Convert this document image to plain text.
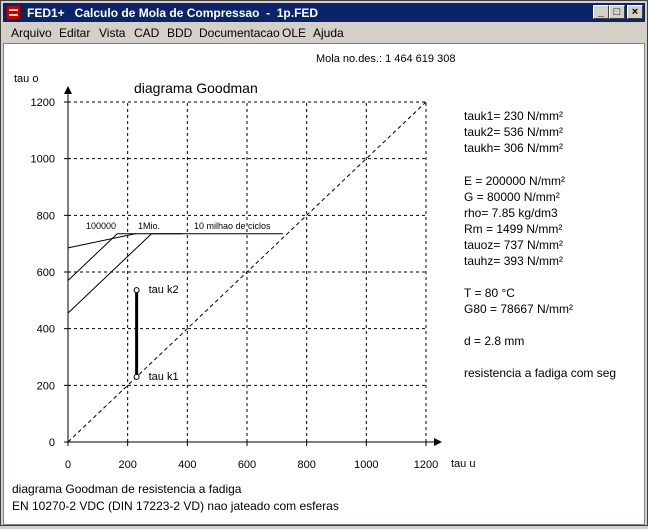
FED1+   Calculo de Mola de Compressao  -  1p.FED	_ □	×
Arquivo Editar Vista CAD BDD Documentacao OLE Ajuda
Mola no.des.: 1 464 619 308
diagrama Goodman
tau o
tau u
0	200	400	600	800	1000	1200
0
200
400
600
800
1000
1200
100000 1Mio.	10 milhao de ciclos
tau k1
tau k2
tauk1= 230 N/mm²
tauk2= 536 N/mm²
taukh= 306 N/mm²
E = 200000 N/mm²
G = 80000 N/mm²
rho= 7.85 kg/dm3
Rm = 1499 N/mm²
tauoz= 737 N/mm²
tauhz= 393 N/mm²
T = 80 °C
G80 = 78667 N/mm²
d = 2.8 mm
resistencia a fadiga com seg
diagrama Goodman de resistencia a fadiga
EN 10270-2 VDC (DIN 17223-2 VD) nao jateado com esferas
